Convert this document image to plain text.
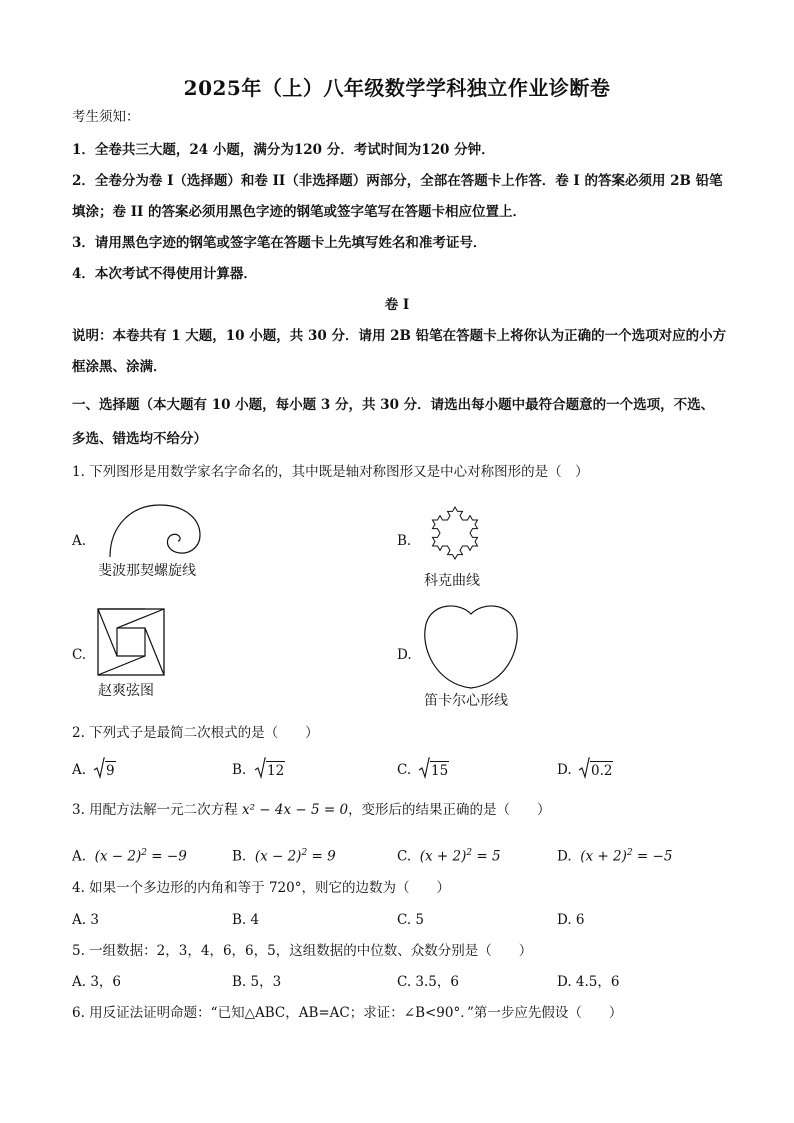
2025年（上）八年级数学学科独立作业诊断卷
考生须知：
1．全卷共三大题，24 小题，满分为120 分．考试时间为120 分钟．
2．全卷分为卷 I（选择题）和卷 II（非选择题）两部分，全部在答题卡上作答．卷 I 的答案必须用 2B 铅笔
填涂；卷 II 的答案必须用黑色字迹的钢笔或签字笔写在答题卡相应位置上．
3．请用黑色字迹的钢笔或签字笔在答题卡上先填写姓名和准考证号．
4．本次考试不得使用计算器．
卷 I
说明：本卷共有 1 大题，10 小题，共 30 分．请用 2B 铅笔在答题卡上将你认为正确的一个选项对应的小方
框涂黑、涂满．
一、选择题（本大题有 10 小题，每小题 3 分，共 30 分．请选出每小题中最符合题意的一个选项，不选、
多选、错选均不给分）
1. 下列图形是用数学家名字命名的，其中既是轴对称图形又是中心对称图形的是（　）
A.
斐波那契螺旋线
B.
科克曲线
C.
赵爽弦图
D.
笛卡尔心形线
2. 下列式子是最简二次根式的是（　　）
A. 9	B. 12	C. 15	D. 0.2
3. 用配方法解一元二次方程 x² − 4x − 5 = 0，变形后的结果正确的是（　　）
A. $(x - 2)^2 = -9$	B. $(x - 2)^2 = 9$	C. $(x + 2)^2 = 5$	D. $(x + 2)^2 = -5$
4. 如果一个多边形的内角和等于 720°，则它的边数为（　　）
A. 3	B. 4	C. 5	D. 6
5. 一组数据：2，3，4，6，6，5，这组数据的中位数、众数分别是（　　）
A. 3，6	B. 5，3	C. 3.5，6	D. 4.5，6
6. 用反证法证明命题：“已知△ABC，AB=AC；求证：∠B<90°．”第一步应先假设（　　）
